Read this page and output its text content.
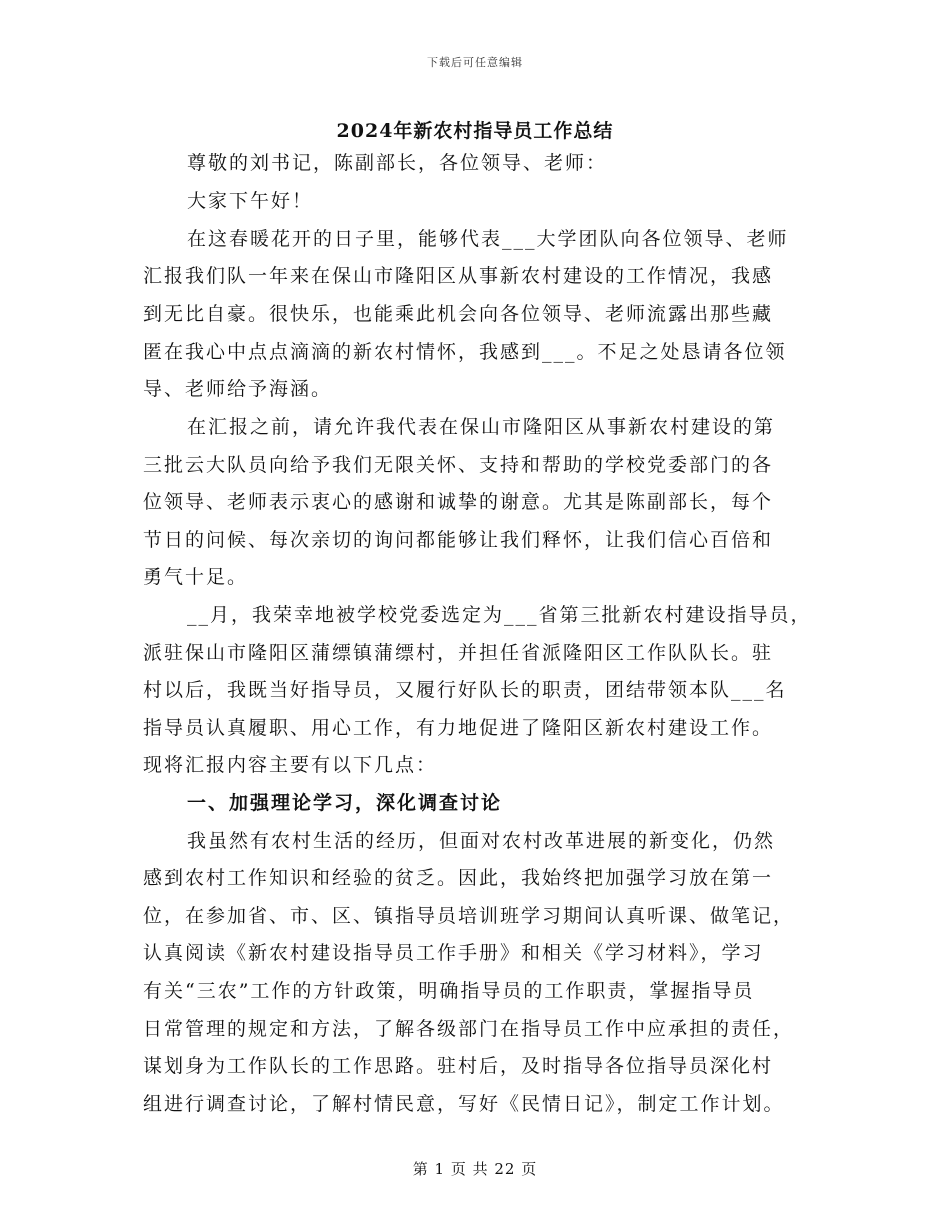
下载后可任意编辑
2024年新农村指导员工作总结
尊敬的刘书记，陈副部长，各位领导、老师：
大家下午好！
在这春暖花开的日子里，能够代表___大学团队向各位领导、老师
汇报我们队一年来在保山市隆阳区从事新农村建设的工作情况，我感
到无比自豪。很快乐，也能乘此机会向各位领导、老师流露出那些藏
匿在我心中点点滴滴的新农村情怀，我感到___。不足之处恳请各位领
导、老师给予海涵。
在汇报之前，请允许我代表在保山市隆阳区从事新农村建设的第
三批云大队员向给予我们无限关怀、支持和帮助的学校党委部门的各
位领导、老师表示衷心的感谢和诚挚的谢意。尤其是陈副部长，每个
节日的问候、每次亲切的询问都能够让我们释怀，让我们信心百倍和
勇气十足。
__月，我荣幸地被学校党委选定为___省第三批新农村建设指导员，
派驻保山市隆阳区蒲缥镇蒲缥村，并担任省派隆阳区工作队队长。驻
村以后，我既当好指导员，又履行好队长的职责，团结带领本队___名
指导员认真履职、用心工作，有力地促进了隆阳区新农村建设工作。
现将汇报内容主要有以下几点：
一、加强理论学习，深化调查讨论
我虽然有农村生活的经历，但面对农村改革进展的新变化，仍然
感到农村工作知识和经验的贫乏。因此，我始终把加强学习放在第一
位，在参加省、市、区、镇指导员培训班学习期间认真听课、做笔记，
认真阅读《新农村建设指导员工作手册》和相关《学习材料》，学习
有关“三农”工作的方针政策，明确指导员的工作职责，掌握指导员
日常管理的规定和方法，了解各级部门在指导员工作中应承担的责任，
谋划身为工作队长的工作思路。驻村后，及时指导各位指导员深化村
组进行调查讨论，了解村情民意，写好《民情日记》，制定工作计划。
第 1 页 共 22 页
